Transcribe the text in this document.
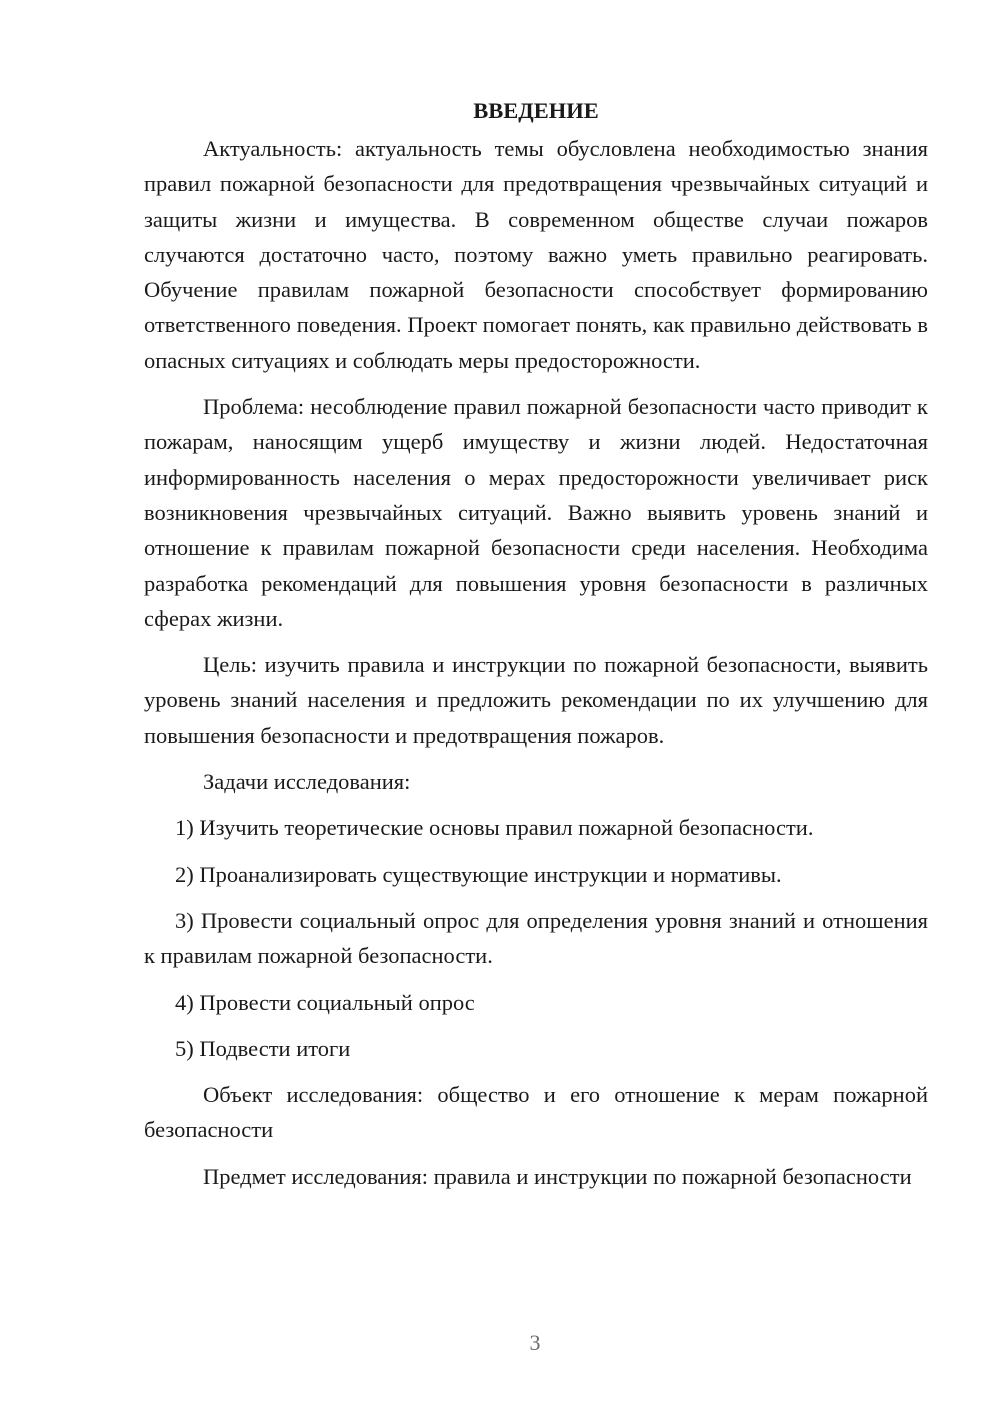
ВВЕДЕНИЕ

Актуальность: актуальность темы обусловлена необходимостью знания правил пожарной безопасности для предотвращения чрезвычайных ситуаций и защиты жизни и имущества. В современном обществе случаи пожаров случаются достаточно часто, поэтому важно уметь правильно реагировать. Обучение правилам пожарной безопасности способствует формированию ответственного поведения. Проект помогает понять, как правильно действовать в опасных ситуациях и соблюдать меры предосторожности.

Проблема: несоблюдение правил пожарной безопасности часто приводит к пожарам, наносящим ущерб имуществу и жизни людей. Недостаточная информированность населения о мерах предосторожности увеличивает риск возникновения чрезвычайных ситуаций. Важно выявить уровень знаний и отношение к правилам пожарной безопасности среди населения. Необходима разработка рекомендаций для повышения уровня безопасности в различных сферах жизни.

Цель: изучить правила и инструкции по пожарной безопасности, выявить уровень знаний населения и предложить рекомендации по их улучшению для повышения безопасности и предотвращения пожаров.

Задачи исследования:

1) Изучить теоретические основы правил пожарной безопасности.

2) Проанализировать существующие инструкции и нормативы.

3) Провести социальный опрос для определения уровня знаний и отношения к правилам пожарной безопасности.

4) Провести социальный опрос

5) Подвести итоги

Объект исследования: общество и его отношение к мерам пожарной безопасности

Предмет исследования: правила и инструкции по пожарной безопасности

3
